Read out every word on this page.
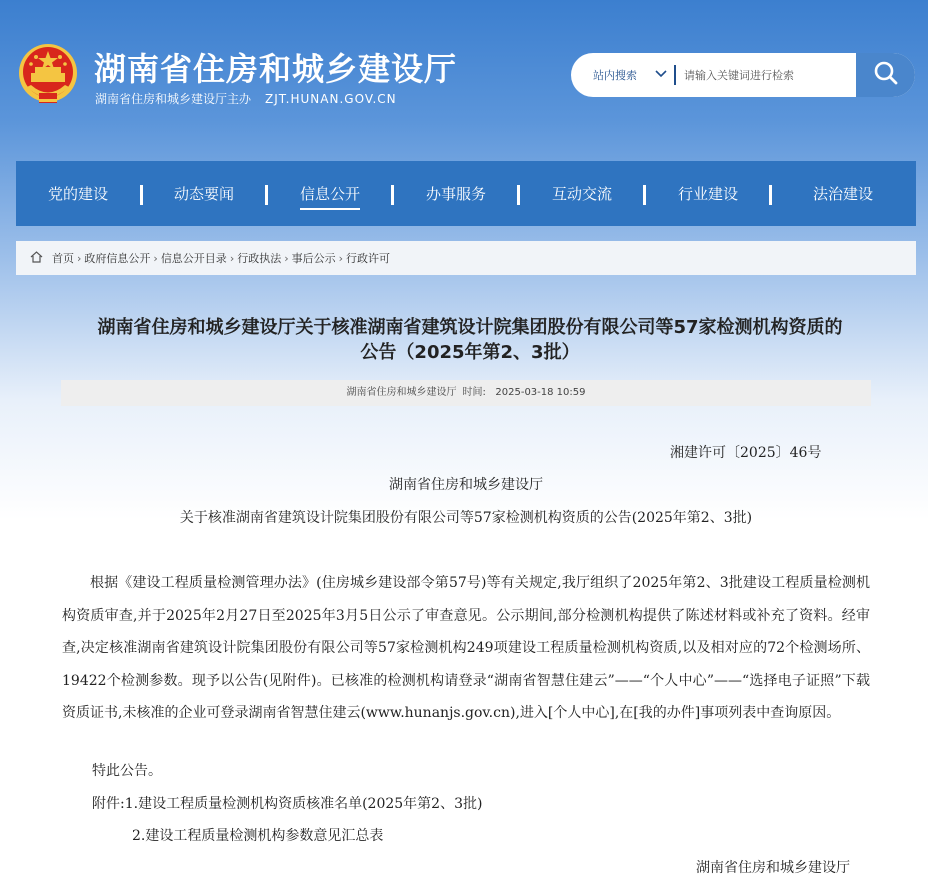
湖南省住房和城乡建设厅
湖南省住房和城乡建设厅主办 ZJT.HUNAN.GOV.CN
站内搜索
请输入关键词进行检索
党的建设	动态要闻	信息公开	办事服务	互动交流	行业建设	法治建设
首页 › 政府信息公开 › 信息公开目录 › 行政执法 › 事后公示 › 行政许可
湖南省住房和城乡建设厅关于核准湖南省建筑设计院集团股份有限公司等57家检测机构资质的
公告（2025年第2、3批）
湖南省住房和城乡建设厅 时间: 2025-03-18 10:59
湘建许可〔2025〕46号
湖南省住房和城乡建设厅
关于核准湖南省建筑设计院集团股份有限公司等57家检测机构资质的公告(2025年第2、3批)
根据《建设工程质量检测管理办法》(住房城乡建设部令第57号)等有关规定,我厅组织了2025年第2、3批建设工程质量检测机构资质审查,并于2025年2月27日至2025年3月5日公示了审查意见。公示期间,部分检测机构提供了陈述材料或补充了资料。经审查,决定核准湖南省建筑设计院集团股份有限公司等57家检测机构249项建设工程质量检测机构资质,以及相对应的72个检测场所、19422个检测参数。现予以公告(见附件)。已核准的检测机构请登录“湖南省智慧住建云”——“个人中心”——“选择电子证照”下载资质证书,未核准的企业可登录湖南省智慧住建云(www.hunanjs.gov.cn),进入[个人中心],在[我的办件]事项列表中查询原因。
特此公告。
附件:1.建设工程质量检测机构资质核准名单(2025年第2、3批)
2.建设工程质量检测机构参数意见汇总表
湖南省住房和城乡建设厅
